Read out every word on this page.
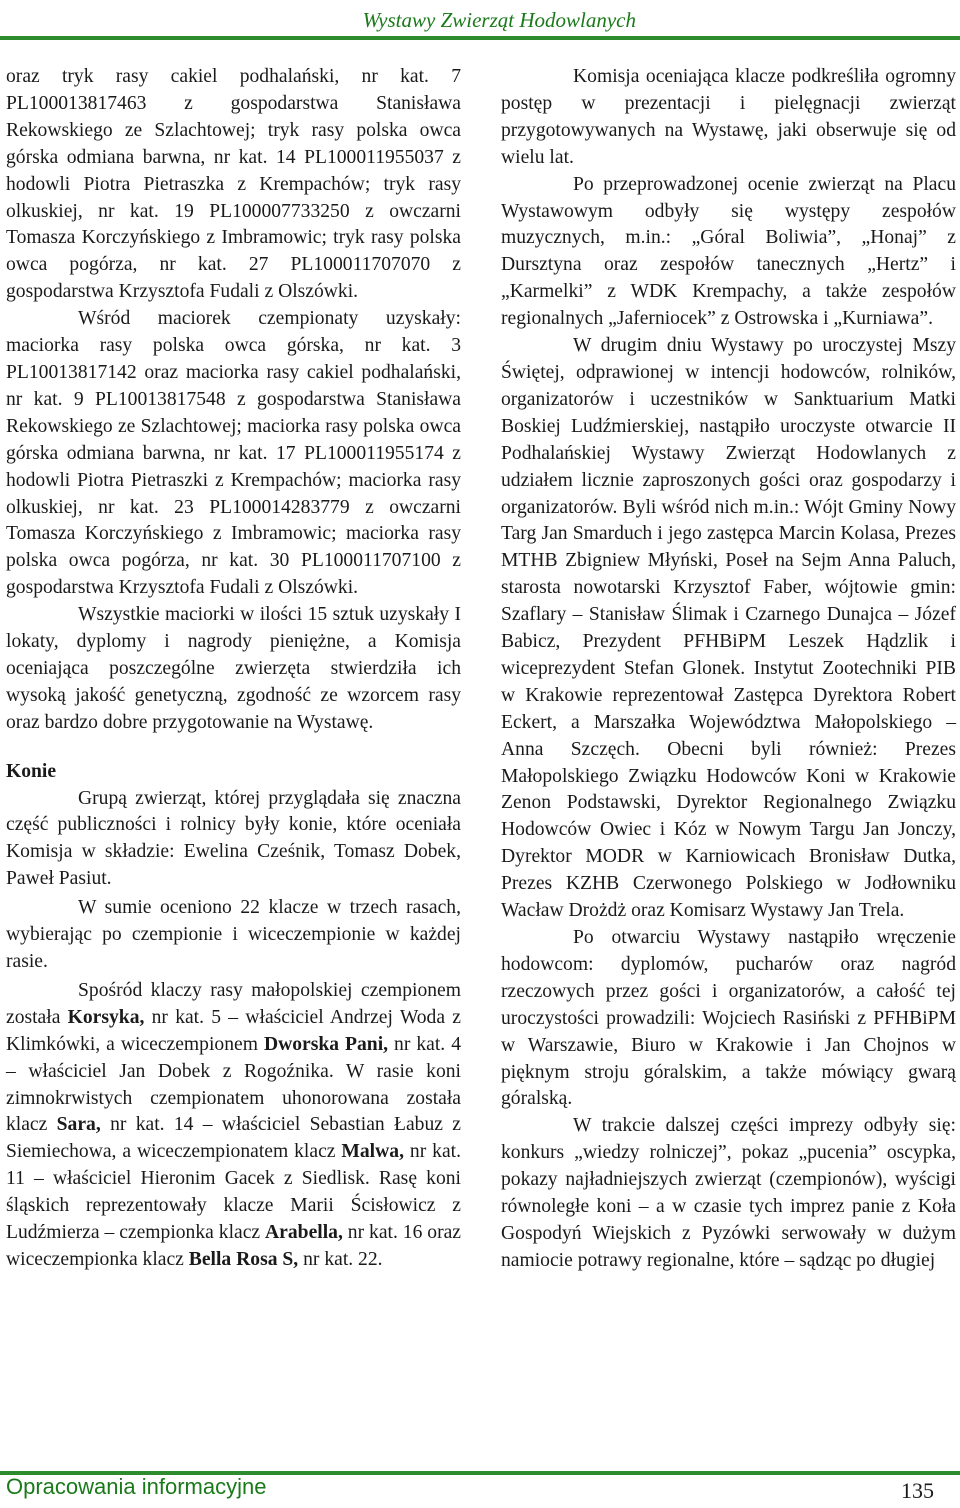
Wystawy Zwierząt Hodowlanych

oraz tryk rasy cakiel podhalański, nr kat. 7 PL100013817463 z gospodarstwa Stanisława Rekowskiego ze Szlachtowej; tryk rasy polska owca górska odmiana barwna, nr kat. 14 PL100011955037 z hodowli Piotra Pietraszka z Krempachów; tryk rasy olkuskiej, nr kat. 19 PL100007733250 z owczarni Tomasza Korczyńskiego z Imbramowic; tryk rasy polska owca pogórza, nr kat. 27 PL100011707070 z gospodarstwa Krzysztofa Fudali z Olszówki.

Wśród maciorek czempionaty uzyskały: maciorka rasy polska owca górska, nr kat. 3 PL10013817142 oraz maciorka rasy cakiel podhalański, nr kat. 9 PL10013817548 z gospodarstwa Stanisława Rekowskiego ze Szlachtowej; maciorka rasy polska owca górska odmiana barwna, nr kat. 17 PL100011955174 z hodowli Piotra Pietraszki z Krempachów; maciorka rasy olkuskiej, nr kat. 23 PL100014283779 z owczarni Tomasza Korczyńskiego z Imbramowic; maciorka rasy polska owca pogórza, nr kat. 30 PL100011707100 z gospodarstwa Krzysztofa Fudali z Olszówki.

Wszystkie maciorki w ilości 15 sztuk uzyskały I lokaty, dyplomy i nagrody pieniężne, a Komisja oceniająca poszczególne zwierzęta stwierdziła ich wysoką jakość genetyczną, zgodność ze wzorcem rasy oraz bardzo dobre przygotowanie na Wystawę.

Konie

Grupą zwierząt, której przyglądała się znaczna część publiczności i rolnicy były konie, które oceniała Komisja w składzie: Ewelina Cześnik, Tomasz Dobek, Paweł Pasiut.

W sumie oceniono 22 klacze w trzech rasach, wybierając po czempionie i wiceczempionie w każdej rasie.

Spośród klaczy rasy małopolskiej czempionem została Korsyka, nr kat. 5 – właściciel Andrzej Woda z Klimkówki, a wiceczempionem Dworska Pani, nr kat. 4 – właściciel Jan Dobek z Rogoźnika. W rasie koni zimnokrwistych czempionatem uhonorowana została klacz Sara, nr kat. 14 – właściciel Sebastian Łabuz z Siemiechowa, a wiceczempionatem klacz Malwa, nr kat. 11 – właściciel Hieronim Gacek z Siedlisk. Rasę koni śląskich reprezentowały klacze Marii Ścisłowicz z Ludźmierza – czempionka klacz Arabella, nr kat. 16 oraz wiceczempionka klacz Bella Rosa S, nr kat. 22.

Komisja oceniająca klacze podkreśliła ogromny postęp w prezentacji i pielęgnacji zwierząt przygotowywanych na Wystawę, jaki obserwuje się od wielu lat.

Po przeprowadzonej ocenie zwierząt na Placu Wystawowym odbyły się występy zespołów muzycznych, m.in.: „Góral Boliwia”, „Honaj” z Dursztyna oraz zespołów tanecznych „Hertz” i „Karmelki” z WDK Krempachy, a także zespołów regionalnych „Jaferniocek” z Ostrowska i „Kurniawa”.

W drugim dniu Wystawy po uroczystej Mszy Świętej, odprawionej w intencji hodowców, rolników, organizatorów i uczestników w Sanktuarium Matki Boskiej Ludźmierskiej, nastąpiło uroczyste otwarcie II Podhalańskiej Wystawy Zwierząt Hodowlanych z udziałem licznie zaproszonych gości oraz gospodarzy i organizatorów. Byli wśród nich m.in.: Wójt Gminy Nowy Targ Jan Smarduch i jego zastępca Marcin Kolasa, Prezes MTHB Zbigniew Młyński, Poseł na Sejm Anna Paluch, starosta nowotarski Krzysztof Faber, wójtowie gmin: Szaflary – Stanisław Ślimak i Czarnego Dunajca – Józef Babicz, Prezydent PFHBiPM Leszek Hądzlik i wiceprezydent Stefan Glonek. Instytut Zootechniki PIB w Krakowie reprezentował Zastępca Dyrektora Robert Eckert, a Marszałka Województwa Małopolskiego – Anna Szczęch. Obecni byli również: Prezes Małopolskiego Związku Hodowców Koni w Krakowie Zenon Podstawski, Dyrektor Regionalnego Związku Hodowców Owiec i Kóz w Nowym Targu Jan Jonczy, Dyrektor MODR w Karniowicach Bronisław Dutka, Prezes KZHB Czerwonego Polskiego w Jodłowniku Wacław Drożdż oraz Komisarz Wystawy Jan Trela.

Po otwarciu Wystawy nastąpiło wręczenie hodowcom: dyplomów, pucharów oraz nagród rzeczowych przez gości i organizatorów, a całość tej uroczystości prowadzili: Wojciech Rasiński z PFHBiPM w Warszawie, Biuro w Krakowie i Jan Chojnos w pięknym stroju góralskim, a także mówiący gwarą góralską.

W trakcie dalszej części imprezy odbyły się: konkurs „wiedzy rolniczej”, pokaz „pucenia” oscypka, pokazy najładniejszych zwierząt (czempionów), wyścigi równoległe koni – a w czasie tych imprez panie z Koła Gospodyń Wiejskich z Pyzówki serwowały w dużym namiocie potrawy regionalne, które – sądząc po długiej

Opracowania informacyjne	135
